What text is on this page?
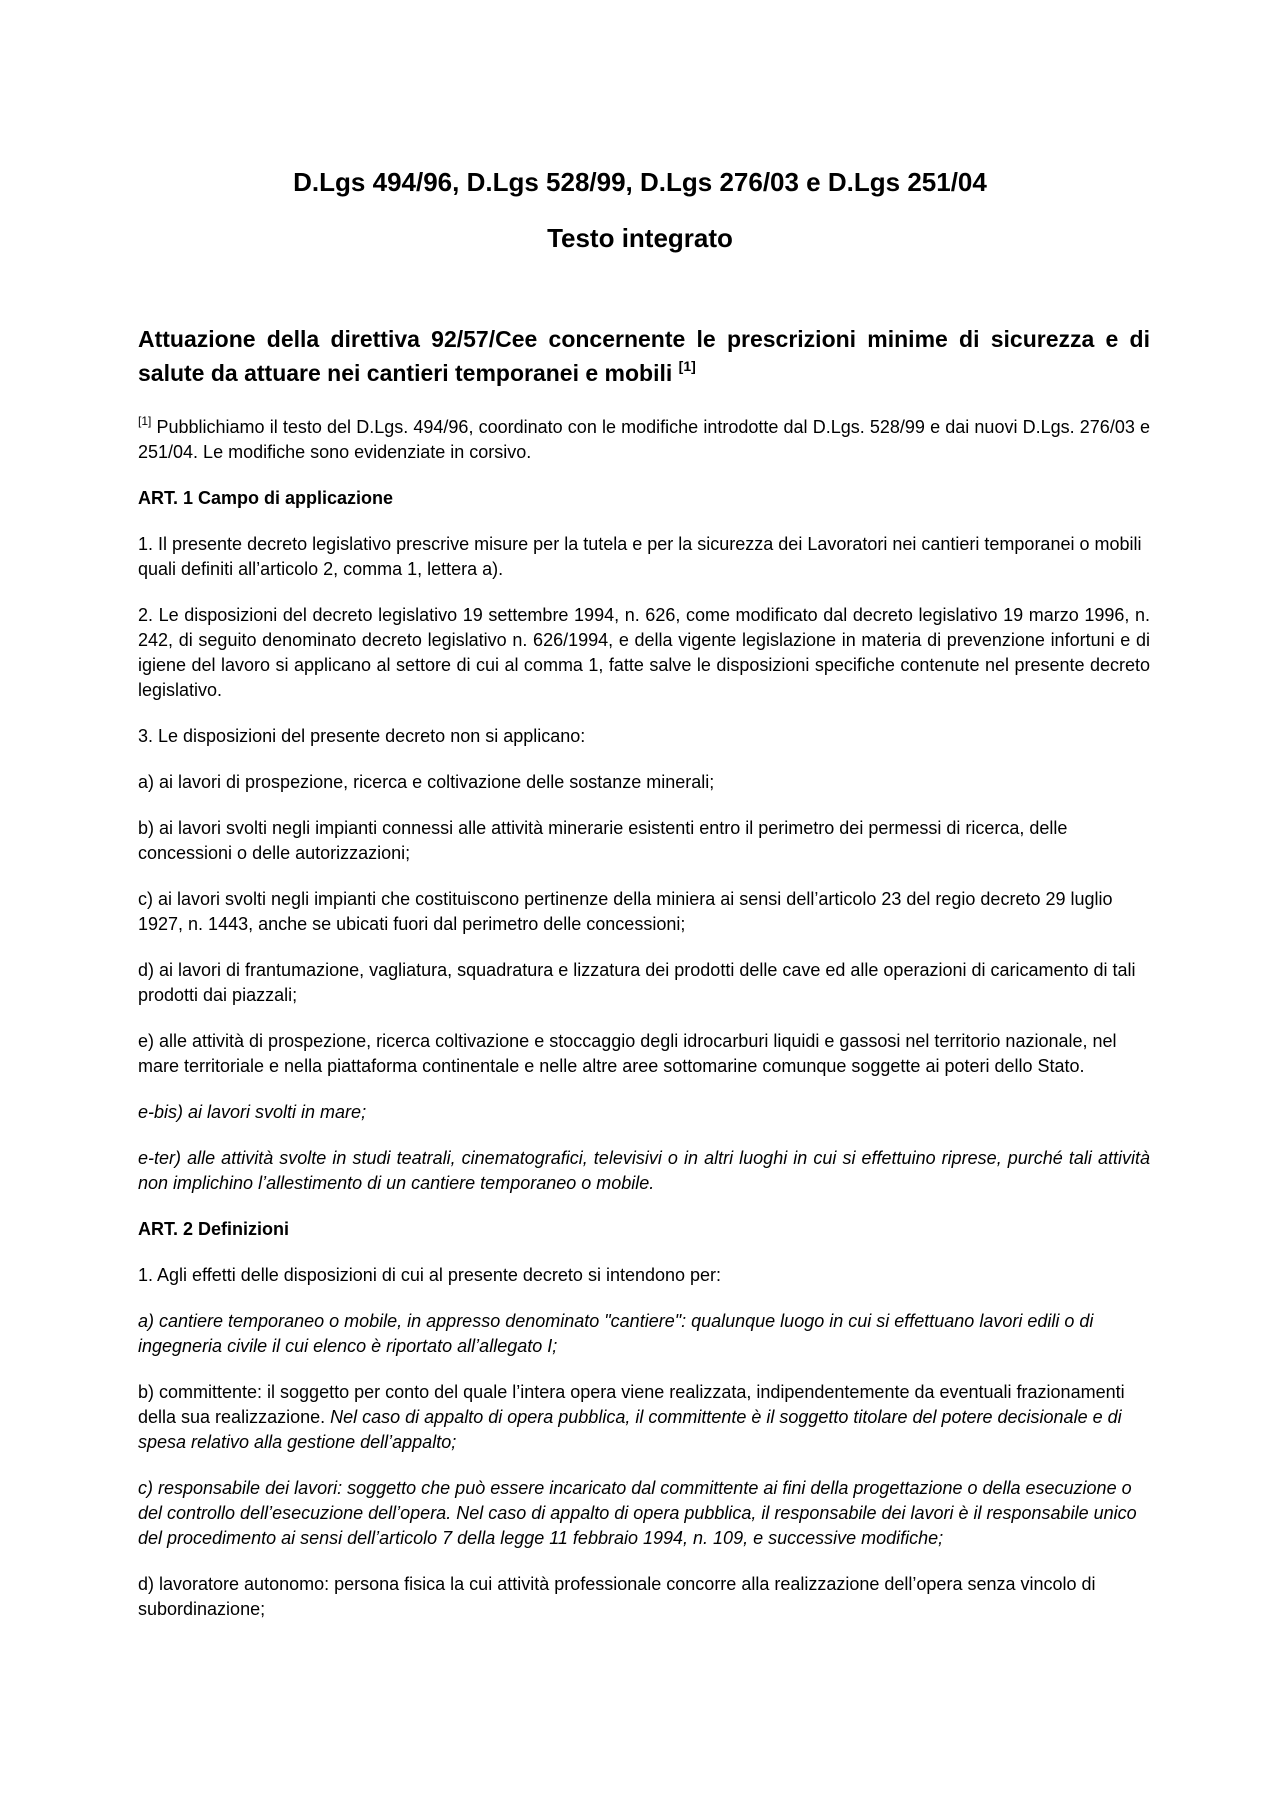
D.Lgs 494/96, D.Lgs 528/99, D.Lgs 276/03 e D.Lgs 251/04
Testo integrato
Attuazione della direttiva 92/57/Cee concernente le prescrizioni minime di sicurezza e di salute da attuare nei cantieri temporanei e mobili [1]

[1] Pubblichiamo il testo del D.Lgs. 494/96, coordinato con le modifiche introdotte dal D.Lgs. 528/99 e dai nuovi D.Lgs. 276/03 e 251/04. Le modifiche sono evidenziate in corsivo.

ART. 1 Campo di applicazione

1. Il presente decreto legislativo prescrive misure per la tutela e per la sicurezza dei Lavoratori nei cantieri temporanei o mobili quali definiti all’articolo 2, comma 1, lettera a).

2. Le disposizioni del decreto legislativo 19 settembre 1994, n. 626, come modificato dal decreto legislativo 19 marzo 1996, n. 242, di seguito denominato decreto legislativo n. 626/1994, e della vigente legislazione in materia di prevenzione infortuni e di igiene del lavoro si applicano al settore di cui al comma 1, fatte salve le disposizioni specifiche contenute nel presente decreto legislativo.

3. Le disposizioni del presente decreto non si applicano:

a) ai lavori di prospezione, ricerca e coltivazione delle sostanze minerali;

b) ai lavori svolti negli impianti connessi alle attività minerarie esistenti entro il perimetro dei permessi di ricerca, delle concessioni o delle autorizzazioni;

c) ai lavori svolti negli impianti che costituiscono pertinenze della miniera ai sensi dell’articolo 23 del regio decreto 29 luglio 1927, n. 1443, anche se ubicati fuori dal perimetro delle concessioni;

d) ai lavori di frantumazione, vagliatura, squadratura e lizzatura dei prodotti delle cave ed alle operazioni di caricamento di tali prodotti dai piazzali;

e) alle attività di prospezione, ricerca coltivazione e stoccaggio degli idrocarburi liquidi e gassosi nel territorio nazionale, nel mare territoriale e nella piattaforma continentale e nelle altre aree sottomarine comunque soggette ai poteri dello Stato.

e-bis) ai lavori svolti in mare;

e-ter) alle attività svolte in studi teatrali, cinematografici, televisivi o in altri luoghi in cui si effettuino riprese, purché tali attività non implichino l’allestimento di un cantiere temporaneo o mobile.

ART. 2 Definizioni

1. Agli effetti delle disposizioni di cui al presente decreto si intendono per:

a) cantiere temporaneo o mobile, in appresso denominato "cantiere": qualunque luogo in cui si effettuano lavori edili o di ingegneria civile il cui elenco è riportato all’allegato I;

b) committente: il soggetto per conto del quale l’intera opera viene realizzata, indipendentemente da eventuali frazionamenti della sua realizzazione. Nel caso di appalto di opera pubblica, il committente è il soggetto titolare del potere decisionale e di spesa relativo alla gestione dell’appalto;

c) responsabile dei lavori: soggetto che può essere incaricato dal committente ai fini della progettazione o della esecuzione o del controllo dell’esecuzione dell’opera. Nel caso di appalto di opera pubblica, il responsabile dei lavori è il responsabile unico del procedimento ai sensi dell’articolo 7 della legge 11 febbraio 1994, n. 109, e successive modifiche;

d) lavoratore autonomo: persona fisica la cui attività professionale concorre alla realizzazione dell’opera senza vincolo di subordinazione;
